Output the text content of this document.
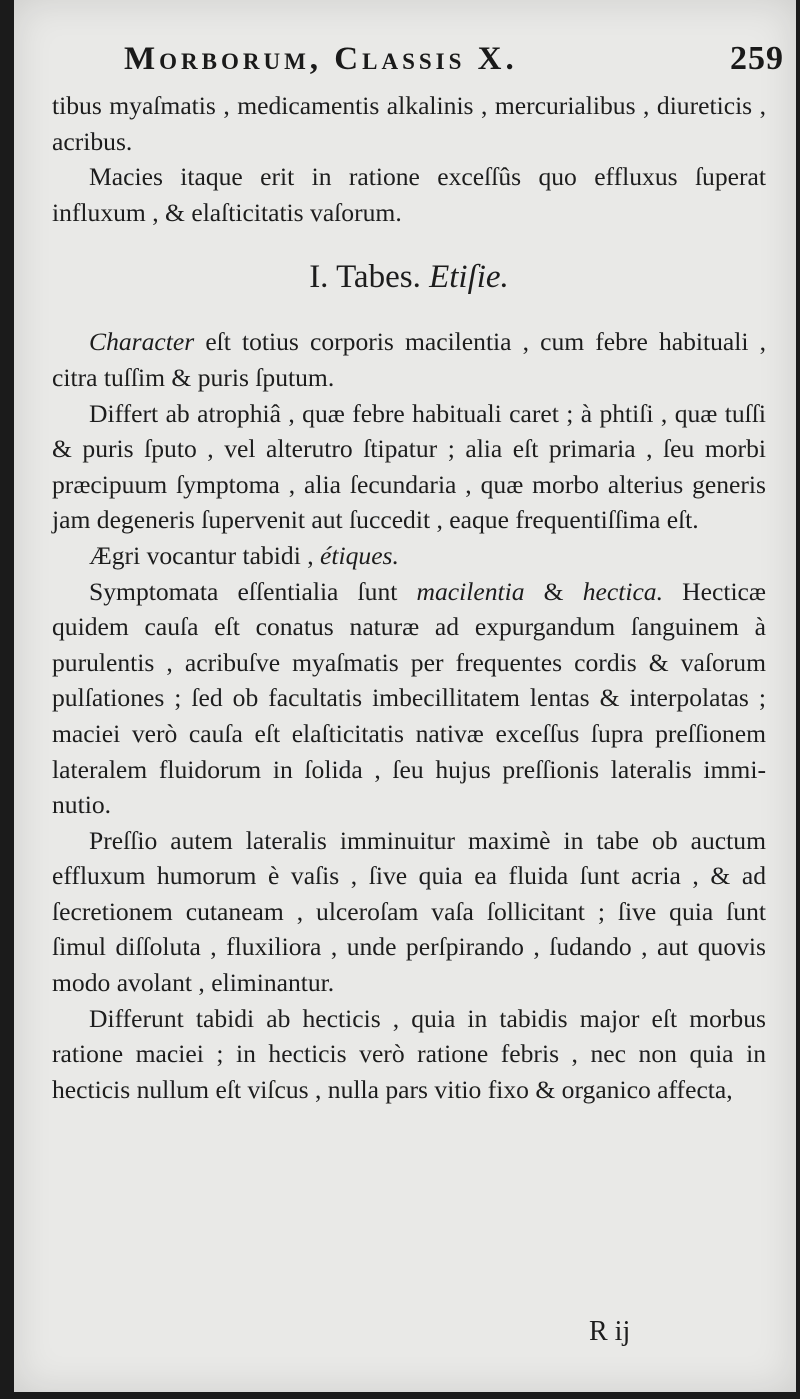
Morborum, Classis X.	259

tibus myaſmatis , medicamentis alkalinis , mercurialibus , diureticis , acribus.

Macies itaque erit in ratione exceſſûs quo effluxus ſuperat influxum , & elaſticitatis vaſorum.

I. Tabes. Etiſie.

Character eſt totius corporis macilentia , cum febre habituali , citra tuſſim & puris ſputum.

Differt ab atrophiâ , quæ febre habituali caret ; à phtiſi , quæ tuſſi & puris ſputo , vel alterutro ſtipatur ; alia eſt primaria , ſeu morbi præcipuum ſymptoma , alia ſecundaria , quæ morbo alterius generis jam degeneris ſupervenit aut ſuccedit , eaque frequentiſſima eſt.

Ægri vocantur tabidi , étiques.

Symptomata eſſentialia ſunt macilentia & hectica. Hecticæ quidem cauſa eſt conatus naturæ ad expurgandum ſanguinem à purulentis , acribuſve myaſmatis per frequentes cordis & vaſorum pulſationes ; ſed ob facultatis imbecillitatem lentas & interpolatas ; maciei verò cauſa eſt elaſticitatis nativæ exceſſus ſupra preſſionem lateralem fluidorum in ſolida , ſeu hujus preſſionis lateralis imminutio.

Preſſio autem lateralis imminuitur maximè in tabe ob auctum effluxum humorum è vaſis , ſive quia ea fluida ſunt acria , & ad ſecretionem cutaneam , ulceroſam vaſa ſollicitant ; ſive quia ſunt ſimul diſſoluta , fluxiliora , unde perſpirando , ſudando , aut quovis modo avolant , eliminantur.

Differunt tabidi ab hecticis , quia in tabidis major eſt morbus ratione maciei ; in hecticis verò ratione febris , nec non quia in hecticis nullum eſt viſcus , nulla pars vitio fixo & organico affecta,

R ij
